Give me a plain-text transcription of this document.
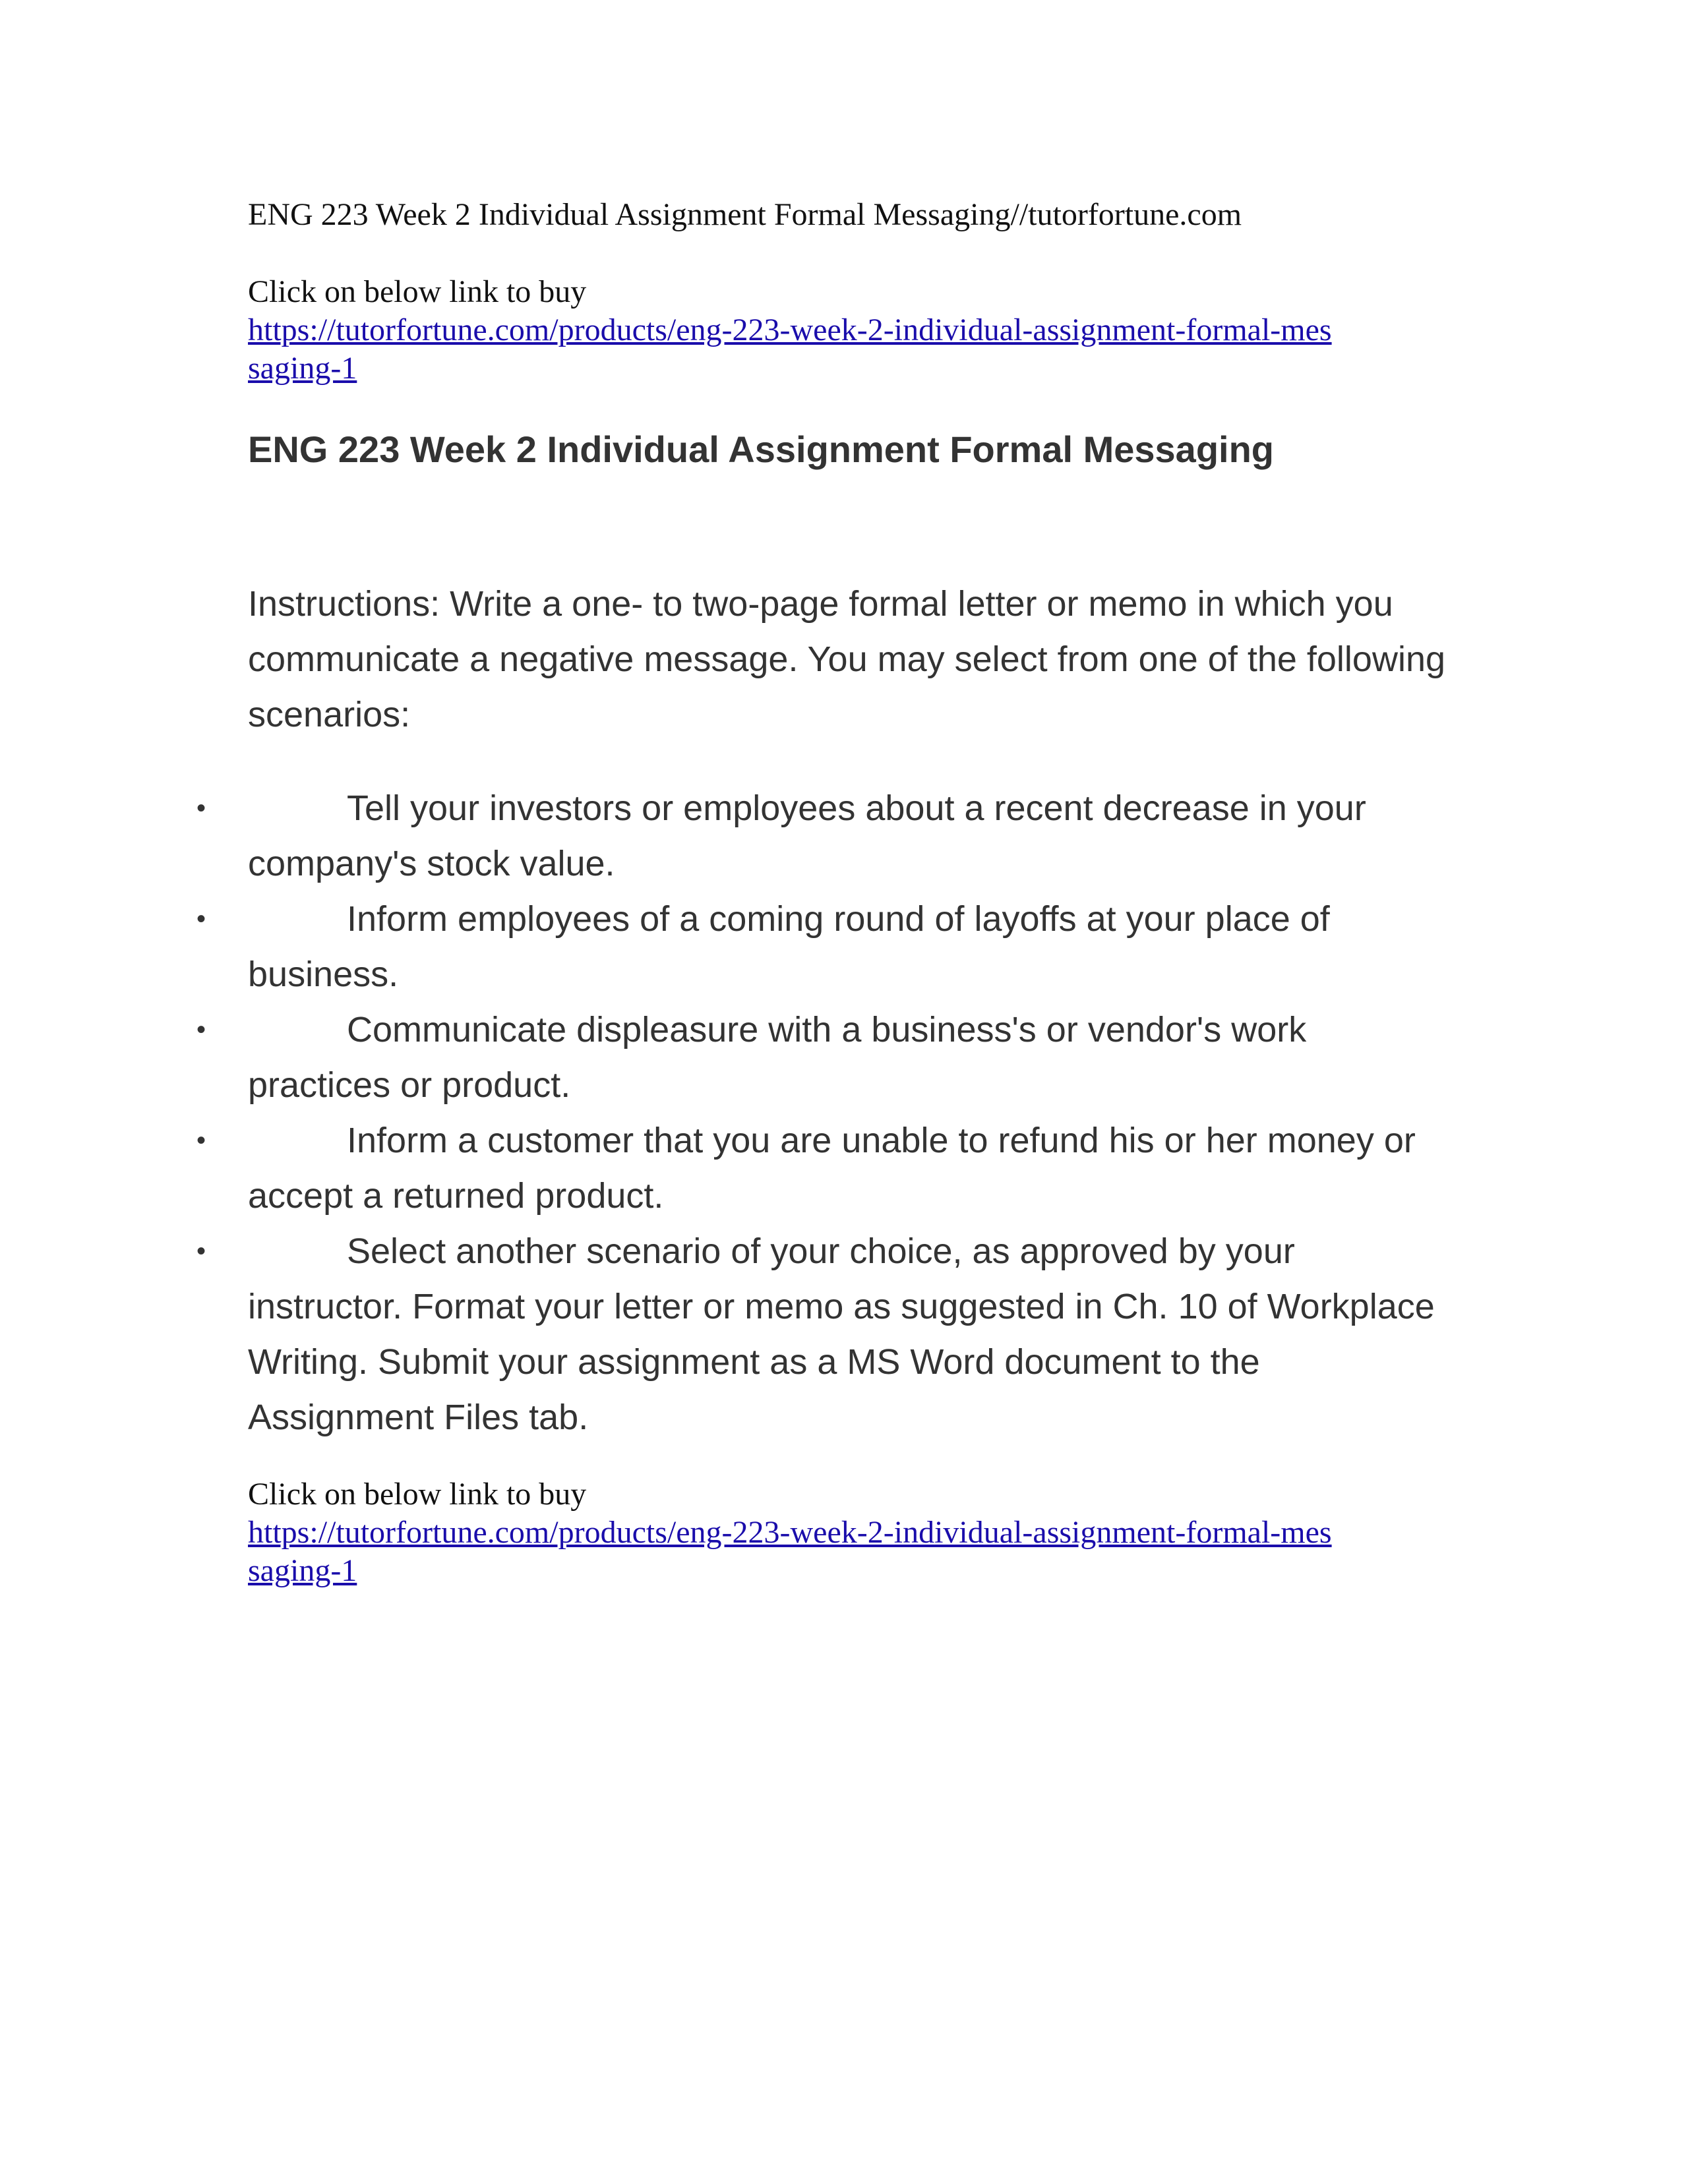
ENG 223 Week 2 Individual Assignment Formal Messaging//tutorfortune.com
Click on below link to buy
https://tutorfortune.com/products/eng-223-week-2-individual-assignment-formal-messaging-1
ENG 223 Week 2 Individual Assignment Formal Messaging
Instructions: Write a one- to two-page formal letter or memo in which you communicate a negative message. You may select from one of the following scenarios:
•	Tell your investors or employees about a recent decrease in your company's stock value.
•	Inform employees of a coming round of layoffs at your place of business.
•	Communicate displeasure with a business's or vendor's work practices or product.
•	Inform a customer that you are unable to refund his or her money or accept a returned product.
•	Select another scenario of your choice, as approved by your instructor. Format your letter or memo as suggested in Ch. 10 of Workplace Writing. Submit your assignment as a MS Word document to the Assignment Files tab.
Click on below link to buy
https://tutorfortune.com/products/eng-223-week-2-individual-assignment-formal-messaging-1
